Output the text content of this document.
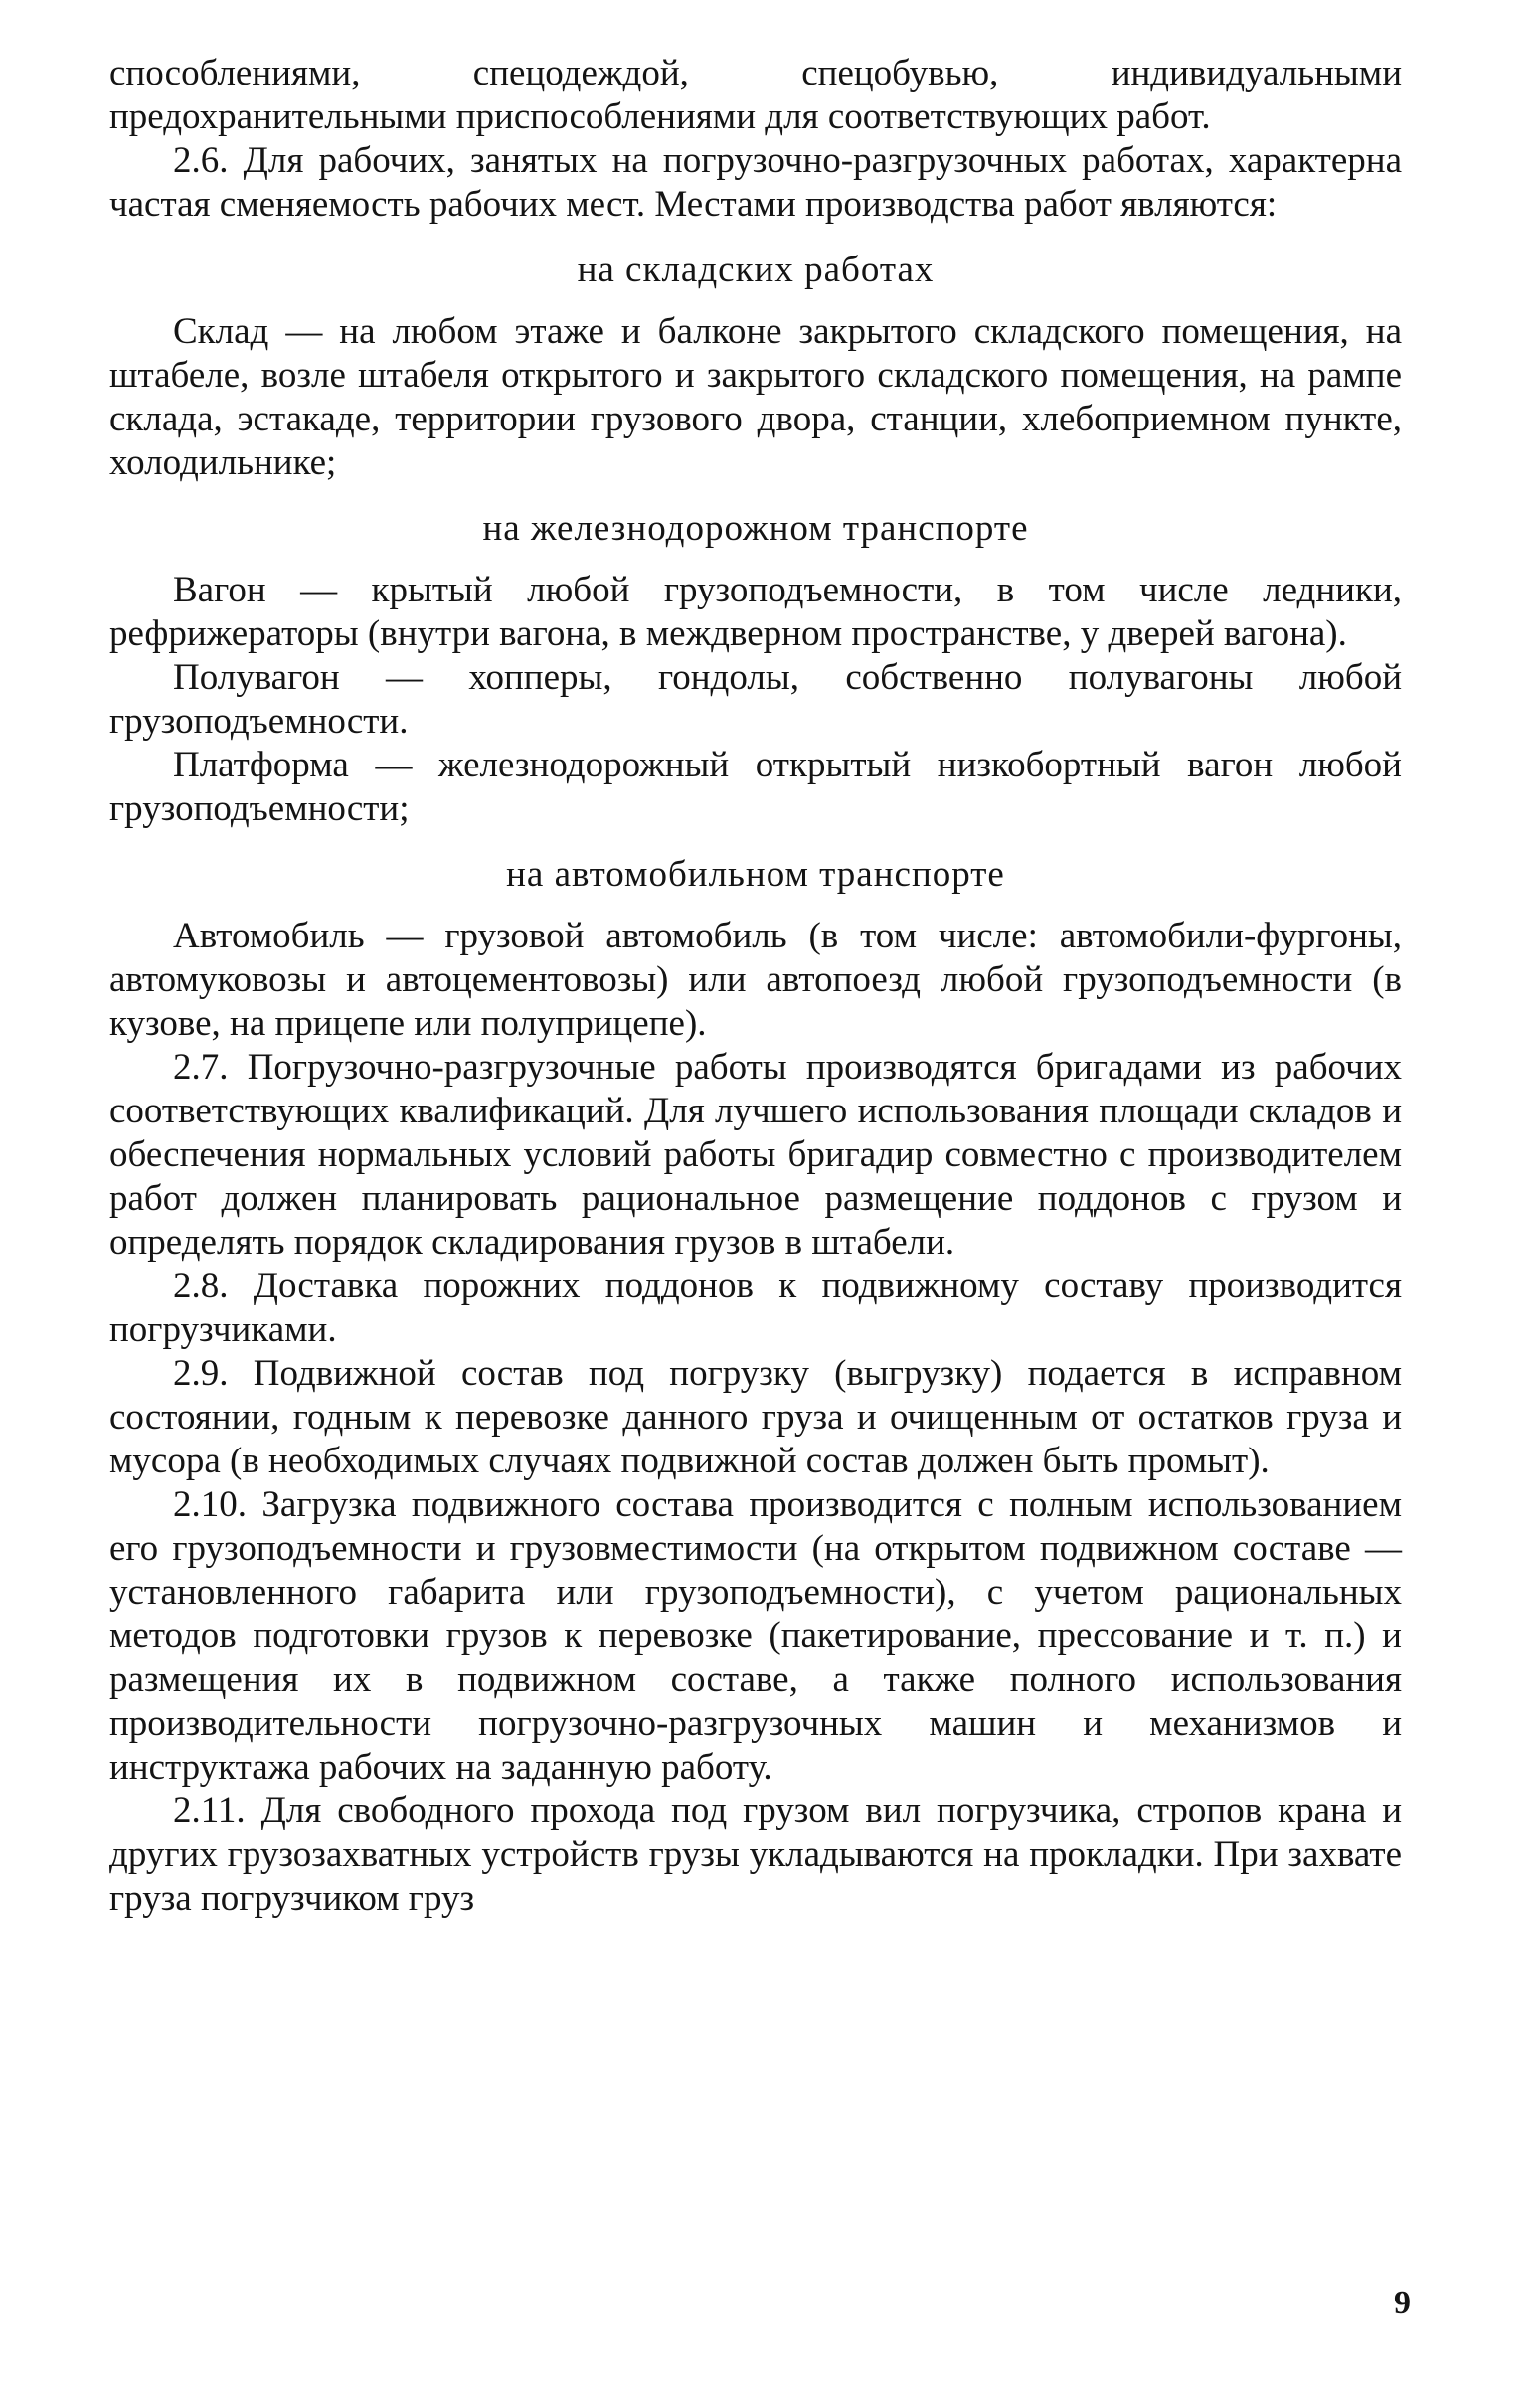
способлениями, спецодеждой, спецобувью, индивидуальными предохранительными приспособлениями для соответствующих работ.

2.6. Для рабочих, занятых на погрузочно-разгрузочных работах, характерна частая сменяемость рабочих мест. Местами производства работ являются:

на складских работах

Склад — на любом этаже и балконе закрытого складского помещения, на штабеле, возле штабеля открытого и закрытого складского помещения, на рампе склада, эстакаде, территории грузового двора, станции, хлебоприемном пункте, холодильнике;

на железнодорожном транспорте

Вагон — крытый любой грузоподъемности, в том числе ледники, рефрижераторы (внутри вагона, в междверном пространстве, у дверей вагона).

Полувагон — хопперы, гондолы, собственно полувагоны любой грузоподъемности.

Платформа — железнодорожный открытый низкобортный вагон любой грузоподъемности;

на автомобильном транспорте

Автомобиль — грузовой автомобиль (в том числе: автомобили-фургоны, автомуковозы и автоцементовозы) или автопоезд любой грузоподъемности (в кузове, на прицепе или полуприцепе).

2.7. Погрузочно-разгрузочные работы производятся бригадами из рабочих соответствующих квалификаций. Для лучшего использования площади складов и обеспечения нормальных условий работы бригадир совместно с производителем работ должен планировать рациональное размещение поддонов с грузом и определять порядок складирования грузов в штабели.

2.8. Доставка порожних поддонов к подвижному составу производится погрузчиками.

2.9. Подвижной состав под погрузку (выгрузку) подается в исправном состоянии, годным к перевозке данного груза и очищенным от остатков груза и мусора (в необходимых случаях подвижной состав должен быть промыт).

2.10. Загрузка подвижного состава производится с полным использованием его грузоподъемности и грузовместимости (на открытом подвижном составе — установленного габарита или грузоподъемности), с учетом рациональных методов подготовки грузов к перевозке (пакетирование, прессование и т. п.) и размещения их в подвижном составе, а также полного использования производительности погрузочно-разгрузочных машин и механизмов и инструктажа рабочих на заданную работу.

2.11. Для свободного прохода под грузом вил погрузчика, стропов крана и других грузозахватных устройств грузы укладываются на прокладки. При захвате груза погрузчиком груз

9
